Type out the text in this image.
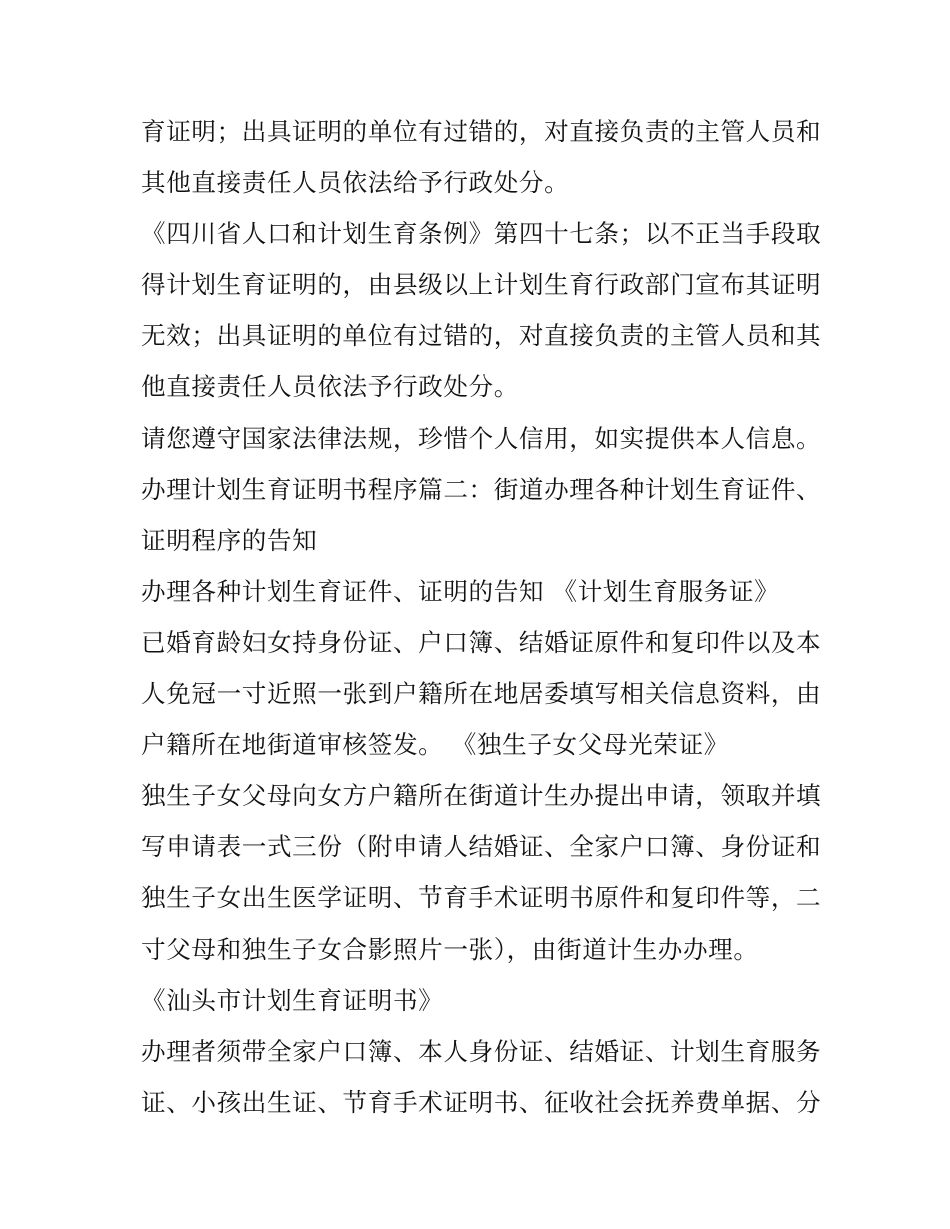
育证明；出具证明的单位有过错的，对直接负责的主管人员和
其他直接责任人员依法给予行政处分。
《四川省人口和计划生育条例》第四十七条；以不正当手段取
得计划生育证明的，由县级以上计划生育行政部门宣布其证明
无效；出具证明的单位有过错的，对直接负责的主管人员和其
他直接责任人员依法予行政处分。
请您遵守国家法律法规，珍惜个人信用，如实提供本人信息。
办理计划生育证明书程序篇二：街道办理各种计划生育证件、
证明程序的告知
办理各种计划生育证件、证明的告知 《计划生育服务证》
已婚育龄妇女持身份证、户口簿、结婚证原件和复印件以及本
人免冠一寸近照一张到户籍所在地居委填写相关信息资料，由
户籍所在地街道审核签发。 《独生子女父母光荣证》
独生子女父母向女方户籍所在街道计生办提出申请，领取并填
写申请表一式三份（附申请人结婚证、全家户口簿、身份证和
独生子女出生医学证明、节育手术证明书原件和复印件等，二
寸父母和独生子女合影照片一张），由街道计生办办理。
《汕头市计划生育证明书》
办理者须带全家户口簿、本人身份证、结婚证、计划生育服务
证、小孩出生证、节育手术证明书、征收社会抚养费单据、分
